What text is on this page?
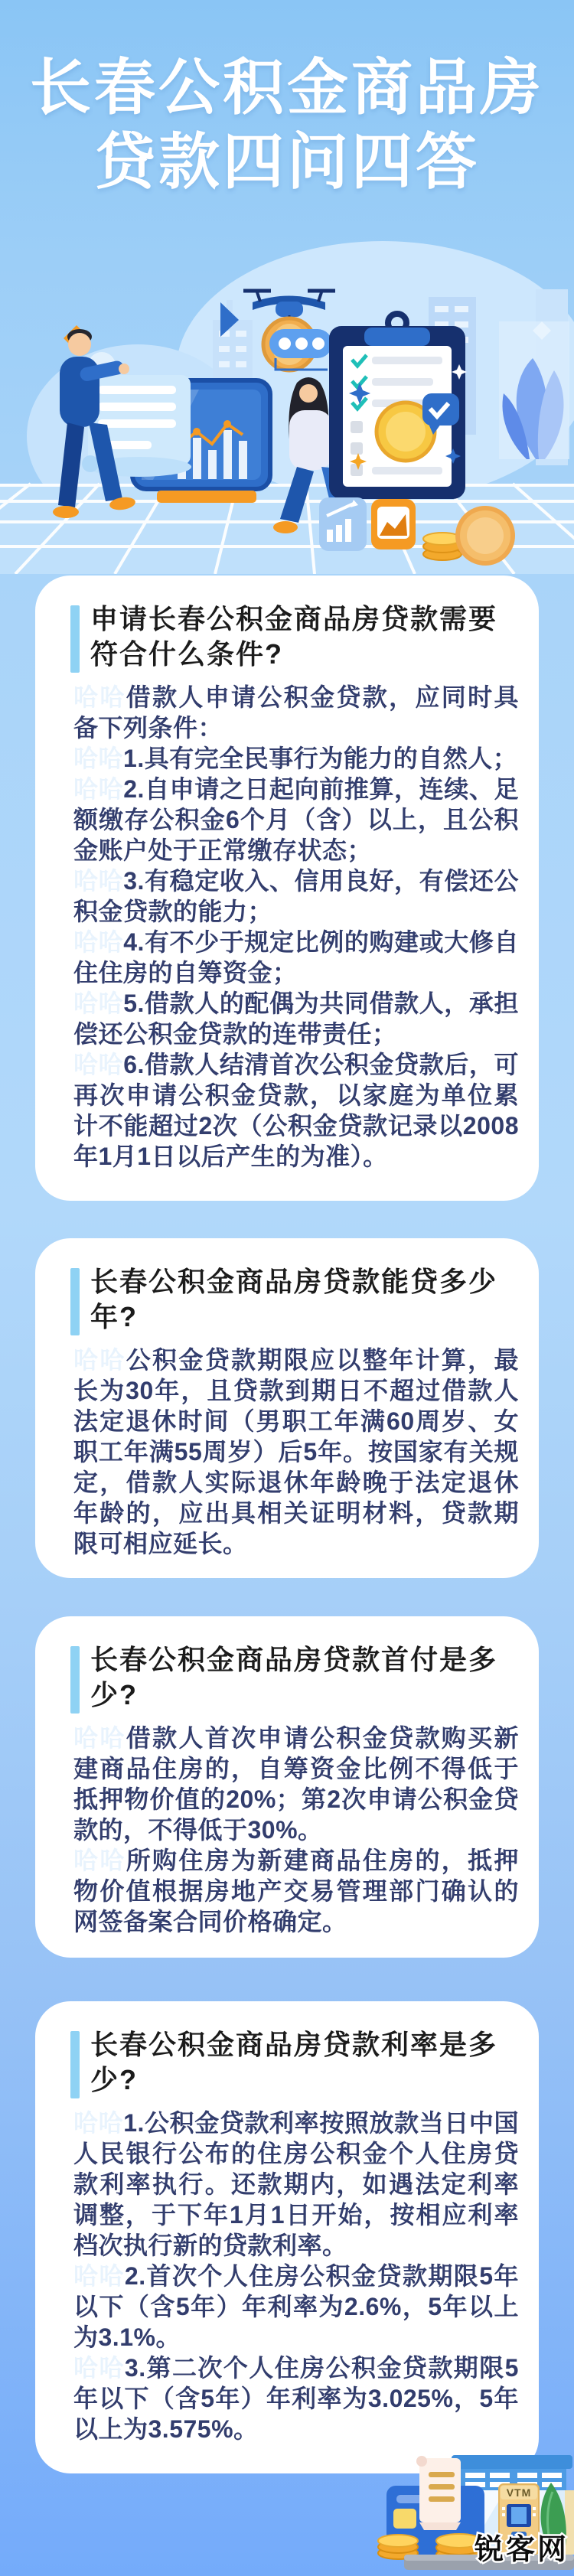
长春公积金商品房
贷款四问四答
申请长春公积金商品房贷款需要符合什么条件?

哈哈借款人申请公积金贷款，应同时具备下列条件：

哈哈1.具有完全民事行为能力的自然人；

哈哈2.自申请之日起向前推算，连续、足额缴存公积金6个月（含）以上，且公积金账户处于正常缴存状态；

哈哈3.有稳定收入、信用良好，有偿还公积金贷款的能力；

哈哈4.有不少于规定比例的购建或大修自住住房的自筹资金；

哈哈5.借款人的配偶为共同借款人，承担偿还公积金贷款的连带责任；

哈哈6.借款人结清首次公积金贷款后，可再次申请公积金贷款，以家庭为单位累计不能超过2次（公积金贷款记录以2008年1月1日以后产生的为准）。

长春公积金商品房贷款能贷多少年?

哈哈公积金贷款期限应以整年计算，最长为30年，且贷款到期日不超过借款人法定退休时间（男职工年满60周岁、女职工年满55周岁）后5年。按国家有关规定，借款人实际退休年龄晚于法定退休年龄的，应出具相关证明材料，贷款期限可相应延长。

长春公积金商品房贷款首付是多少?

哈哈借款人首次申请公积金贷款购买新建商品住房的，自筹资金比例不得低于抵押物价值的20%；第2次申请公积金贷款的，不得低于30%。

哈哈所购住房为新建商品住房的，抵押物价值根据房地产交易管理部门确认的网签备案合同价格确定。

长春公积金商品房贷款利率是多少?

哈哈1.公积金贷款利率按照放款当日中国人民银行公布的住房公积金个人住房贷款利率执行。还款期内，如遇法定利率调整，于下年1月1日开始，按相应利率档次执行新的贷款利率。

哈哈2.首次个人住房公积金贷款期限5年以下（含5年）年利率为2.6%，5年以上为3.1%。

哈哈3.第二次个人住房公积金贷款期限5年以下（含5年）年利率为3.025%，5年以上为3.575%。

VTM
锐客网
